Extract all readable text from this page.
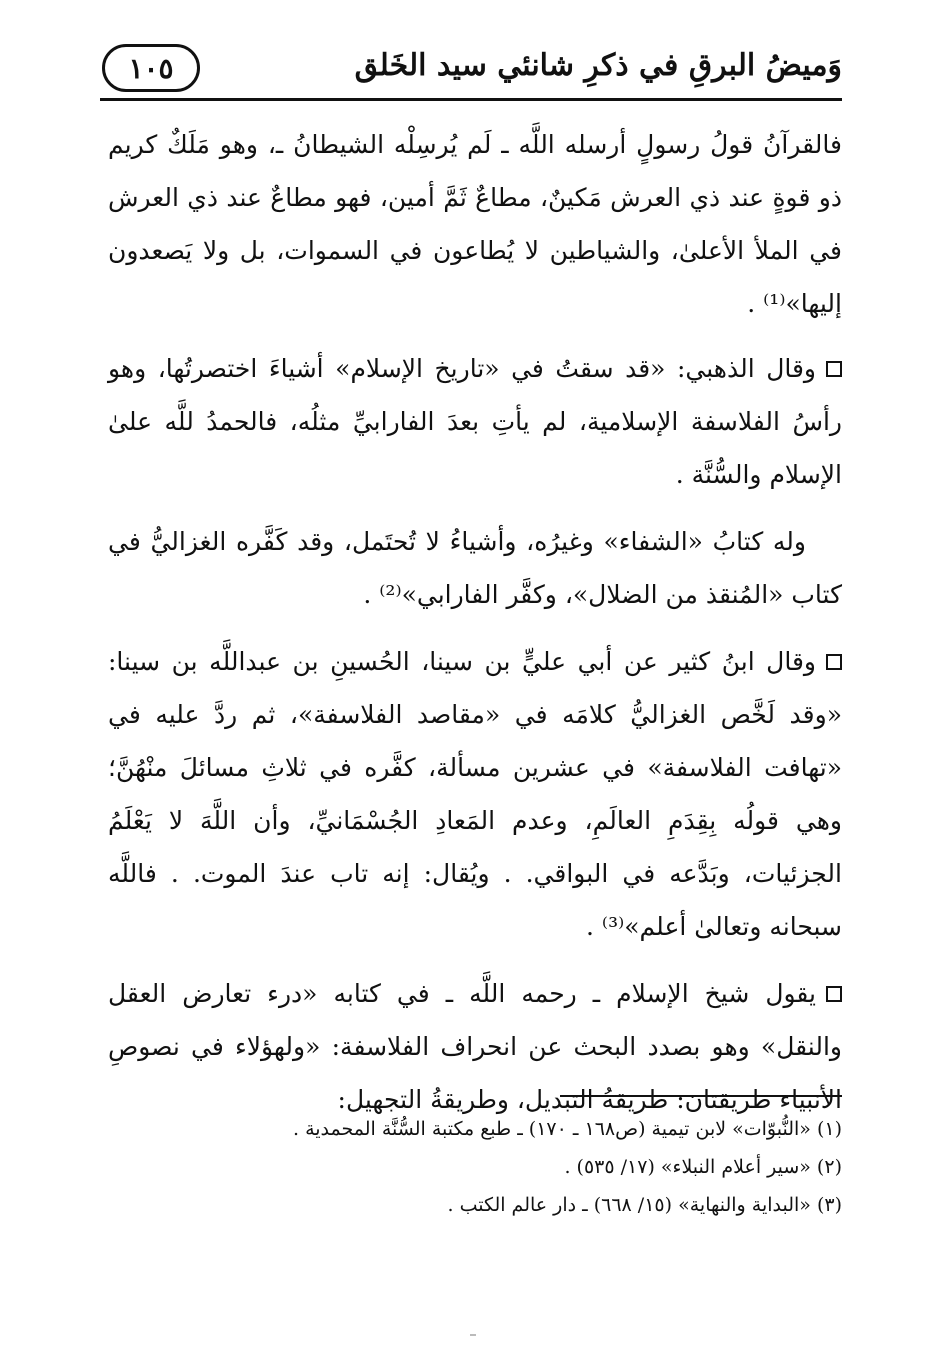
وَميضُ البرقِ في ذكرِ شانئي سيد الخَلق
١٠٥

فالقرآنُ قولُ رسولٍ أرسله اللَّه ـ لَم يُرسِلْه الشيطانُ ـ، وهو مَلَكٌ كريم ذو قوةٍ عند ذي العرش مَكينٌ، مطاعٌ ثَمَّ أمين، فهو مطاعٌ عند ذي العرش في الملأ الأعلىٰ، والشياطين لا يُطاعون في السموات، بل ولا يَصعدون إليها»⁽¹⁾ .

وقال الذهبي: «قد سقتُ في «تاريخ الإسلام» أشياءَ اختصرتُها، وهو رأسُ الفلاسفة الإسلامية، لم يأتِ بعدَ الفارابيِّ مثلُه، فالحمدُ للَّه علىٰ الإسلام والسُّنَّة .

وله كتابُ «الشفاء» وغيرُه، وأشياءُ لا تُحتَمل، وقد كَفَّره الغزاليُّ في كتاب «المُنقذ من الضلال»، وكفَّر الفارابي»⁽²⁾ .

وقال ابنُ كثير عن أبي عليٍّ بن سينا، الحُسينِ بن عبداللَّه بن سينا: «وقد لَخَّص الغزاليُّ كلامَه في «مقاصد الفلاسفة»، ثم ردَّ عليه في «تهافت الفلاسفة» في عشرين مسألة، كفَّره في ثلاثِ مسائلَ منْهُنَّ؛ وهي قولُه بِقِدَمِ العالَمِ، وعدم المَعادِ الجُسْمَانيِّ، وأن اللَّهَ لا يَعْلَمُ الجزئيات، وبَدَّعه في البواقي. . ويُقال: إنه تاب عندَ الموت. . فاللَّه سبحانه وتعالىٰ أعلم»⁽³⁾ .

يقول شيخ الإسلام ـ رحمه اللَّه ـ في كتابه «درء تعارض العقل والنقل» وهو بصدد البحث عن انحراف الفلاسفة: «ولهؤلاء في نصوصِ الأنبياء طريقتان: طريقةُ التبديل، وطريقةُ التجهيل:

(١) «النُّبوّات» لابن تيمية (ص١٦٨ ـ ١٧٠) ـ طبع مكتبة السُّنَّة المحمدية .
(٢) «سير أعلام النبلاء» (١٧/ ٥٣٥) .
(٣) «البداية والنهاية» (١٥/ ٦٦٨) ـ دار عالم الكتب .
